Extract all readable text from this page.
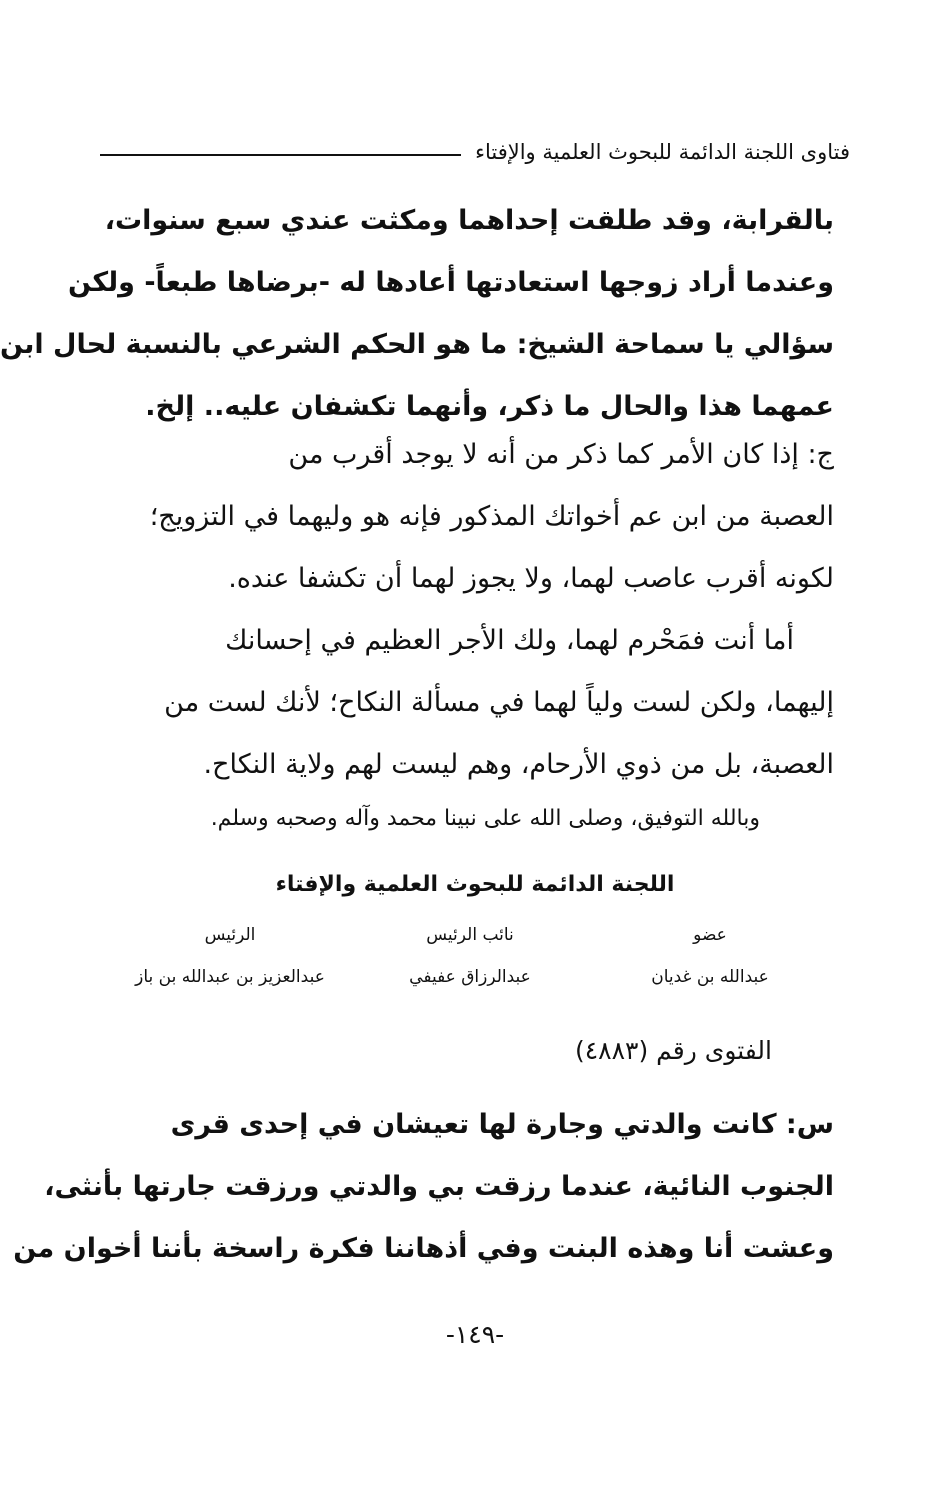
فتاوى اللجنة الدائمة للبحوث العلمية والإفتاء
بالقرابة، وقد طلقت إحداهما ومكثت عندي سبع سنوات،
وعندما أراد زوجها استعادتها أعادها له -برضاها طبعاً- ولكن
سؤالي يا سماحة الشيخ: ما هو الحكم الشرعي بالنسبة لحال ابن
عمهما هذا والحال ما ذكر، وأنهما تكشفان عليه.. إلخ.
ج: إذا كان الأمر كما ذكر من أنه لا يوجد أقرب من
العصبة من ابن عم أخواتك المذكور فإنه هو وليهما في التزويج؛
لكونه أقرب عاصب لهما، ولا يجوز لهما أن تكشفا عنده.
أما أنت فمَحْرم لهما، ولك الأجر العظيم في إحسانك
إليهما، ولكن لست ولياً لهما في مسألة النكاح؛ لأنك لست من
العصبة، بل من ذوي الأرحام، وهم ليست لهم ولاية النكاح.
وبالله التوفيق، وصلى الله على نبينا محمد وآله وصحبه وسلم.
اللجنة الدائمة للبحوث العلمية والإفتاء
عضو
عبدالله بن غديان
نائب الرئيس
عبدالرزاق عفيفي
الرئيس
عبدالعزيز بن عبدالله بن باز
الفتوى رقم (٤٨٨٣)
س: كانت والدتي وجارة لها تعيشان في إحدى قرى
الجنوب النائية، عندما رزقت بي والدتي ورزقت جارتها بأنثى،
وعشت أنا وهذه البنت وفي أذهاننا فكرة راسخة بأننا أخوان من
-١٤٩-
